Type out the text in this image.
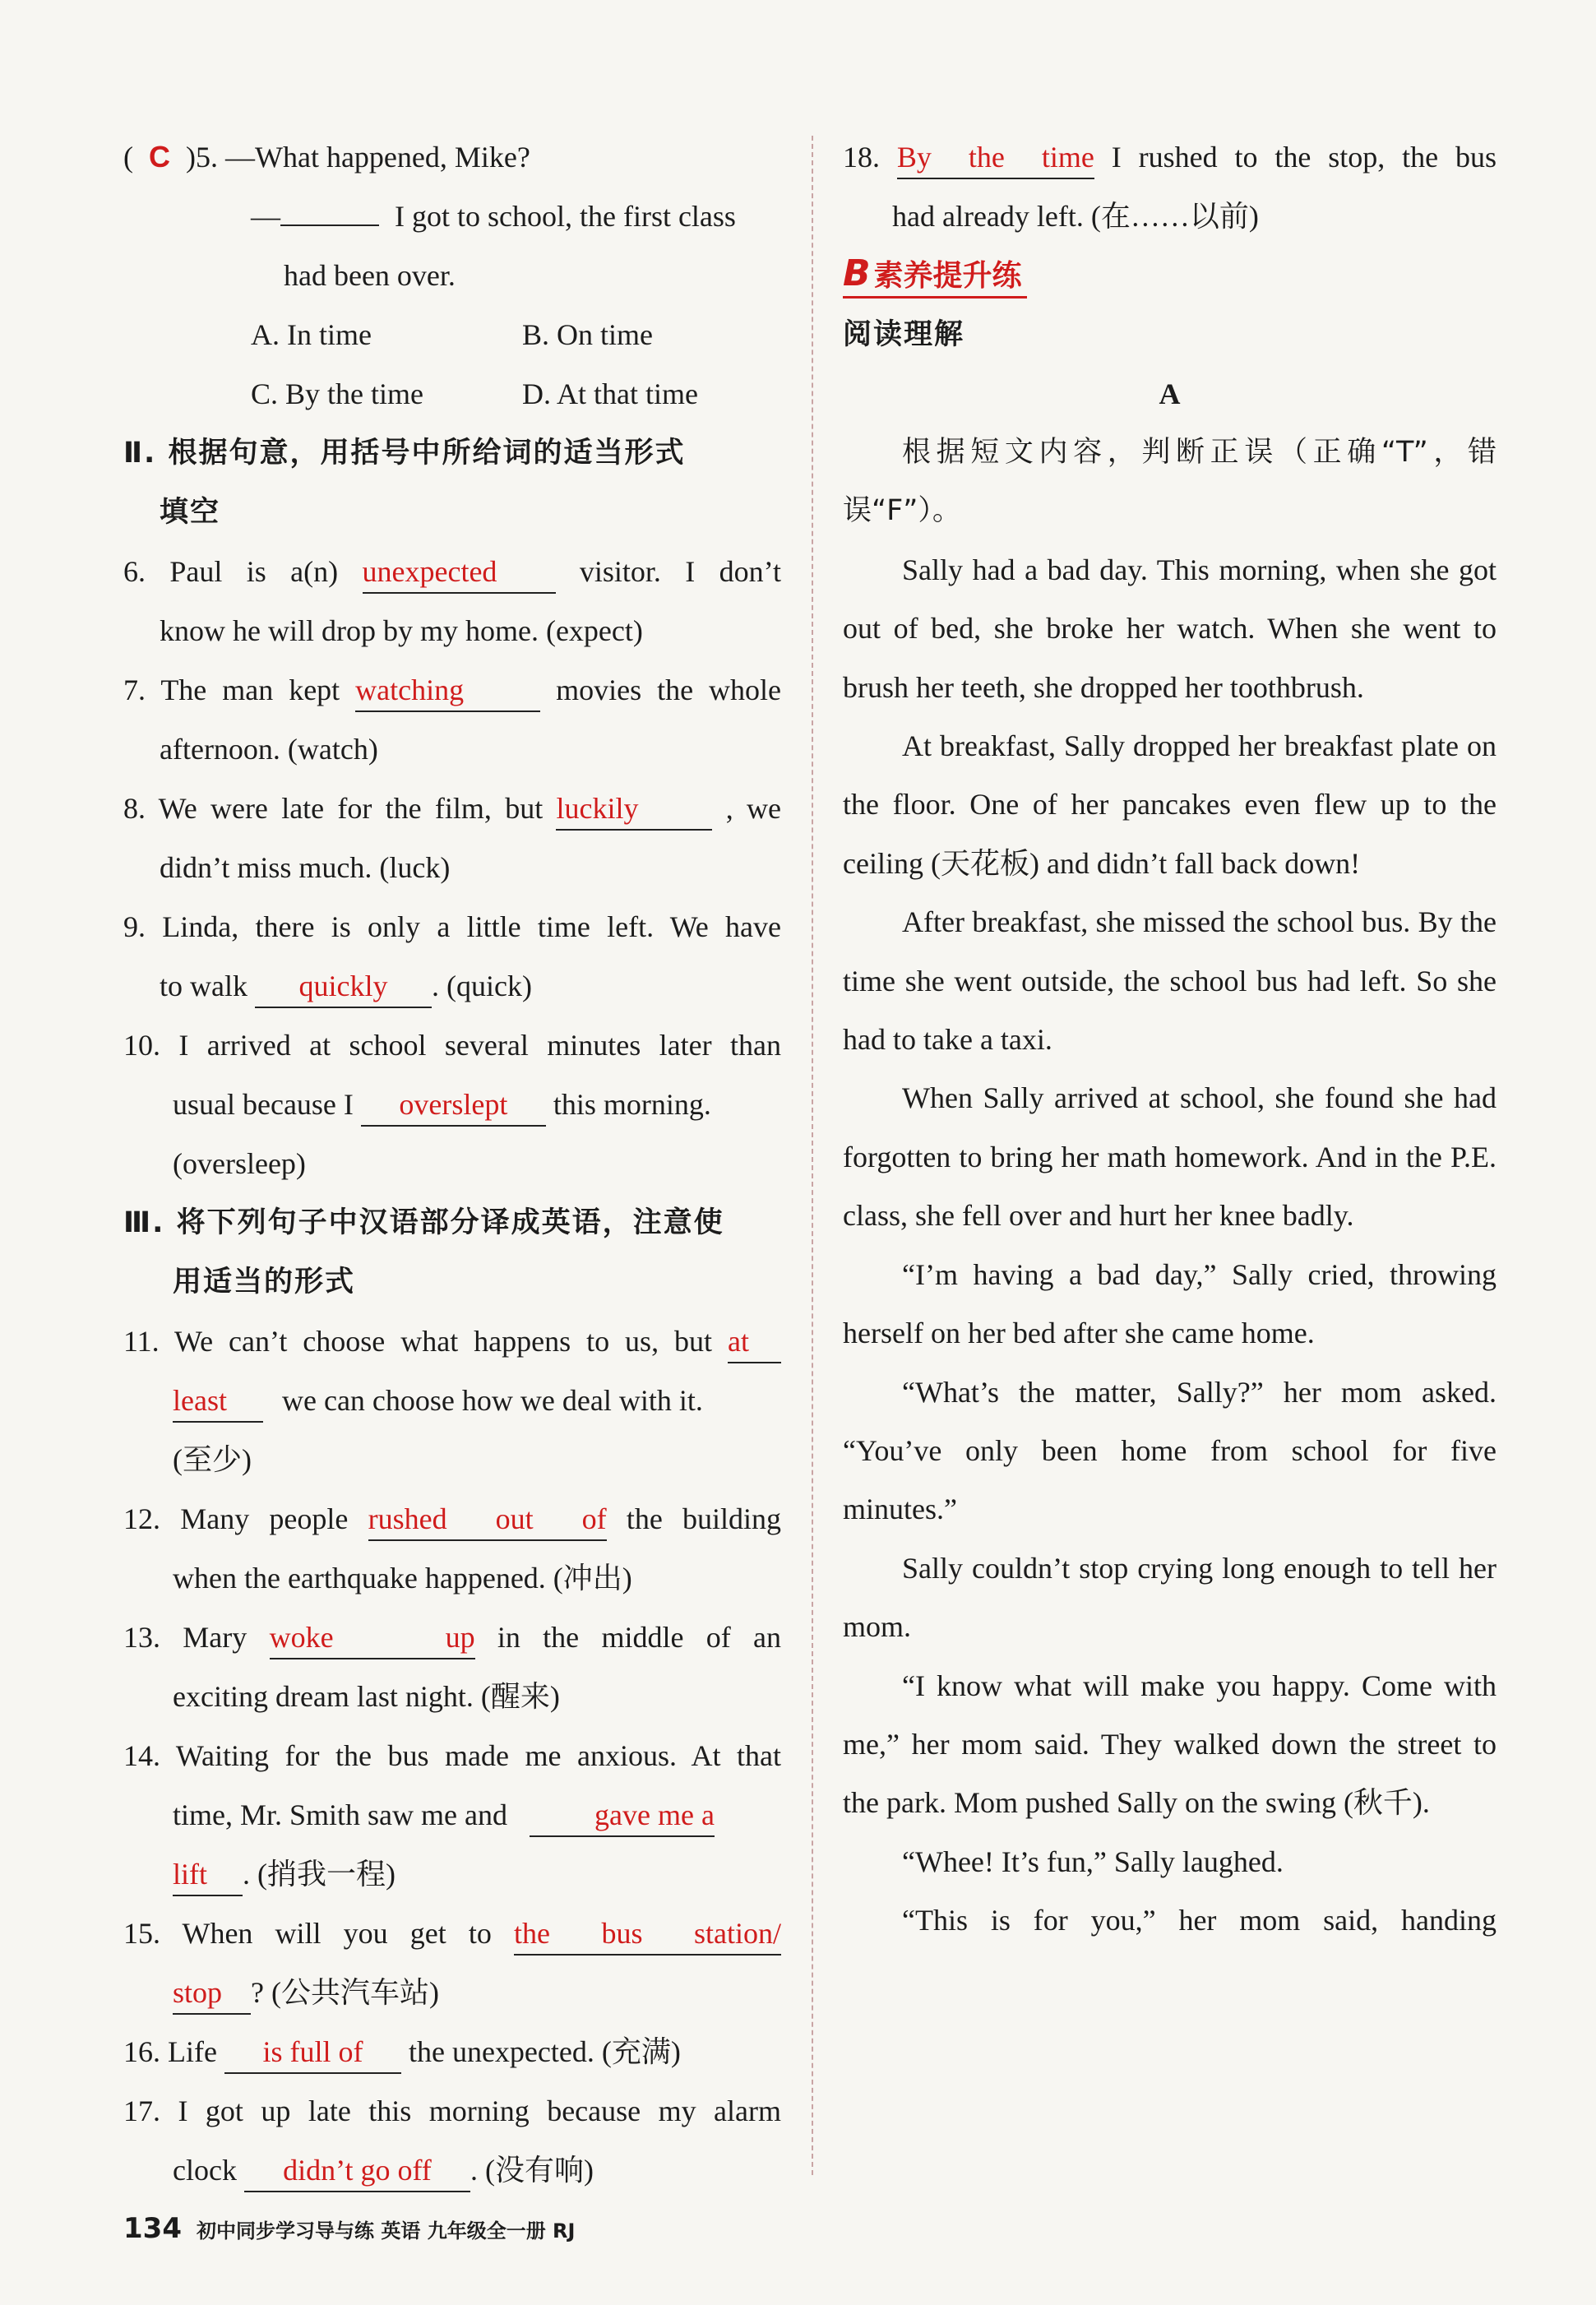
( C )5. —What happened, Mike?
—	I got to school, the first class
had been over.
A. In time	B. On time
C. By the time	D. At that time
Ⅱ. 根据句意，用括号中所给词的适当形式
填空
6. Paul is a(n) unexpected	visitor. I don’t
know he will drop by my home. (expect)
7. The man kept watching	movies the whole
afternoon. (watch)
8. We were late for the film, but luckily	, we
didn’t miss much. (luck)
9. Linda, there is only a little time left. We have
to walk quickly . (quick)
10. I arrived at school several minutes later than
usual because I overslept this morning.
(oversleep)
Ⅲ. 将下列句子中汉语部分译成英语，注意使
用适当的形式
11. We can’t choose what happens to us, but at
least we can choose how we deal with it.
(至少)
12. Many people rushed out of the building
when the earthquake happened. (冲出)
13. Mary woke up in the middle of an
exciting dream last night. (醒来)
14. Waiting for the bus made me anxious. At that
time, Mr. Smith saw me and	gave me a
lift . (捎我一程)
15. When will you get to the bus station/
stop ? (公共汽车站)
16. Life is full of the unexpected. (充满)
17. I got up late this morning because my alarm
clock didn’t go off . (没有响)
18. By the time I rushed to the stop, the bus
had already left. (在……以前)
B 素养提升练
阅读理解
A

根据短文内容，判断正误（正确“T”，错误“F”）。

Sally had a bad day. This morning, when she got out of bed, she broke her watch. When she went to brush her teeth, she dropped her toothbrush.

At breakfast, Sally dropped her breakfast plate on the floor. One of her pancakes even flew up to the ceiling (天花板) and didn’t fall back down!

After breakfast, she missed the school bus. By the time she went outside, the school bus had left. So she had to take a taxi.

When Sally arrived at school, she found she had forgotten to bring her math homework. And in the P.E. class, she fell over and hurt her knee badly.

“I’m having a bad day,” Sally cried, throwing herself on her bed after she came home.

“What’s the matter, Sally?” her mom asked. “You’ve only been home from school for five minutes.”

Sally couldn’t stop crying long enough to tell her mom.

“I know what will make you happy. Come with me,” her mom said. They walked down the street to the park. Mom pushed Sally on the swing (秋千).

“Whee! It’s fun,” Sally laughed.

“This is for you,” her mom said, handing

134 初中同步学习导与练 英语 九年级全一册 RJ
